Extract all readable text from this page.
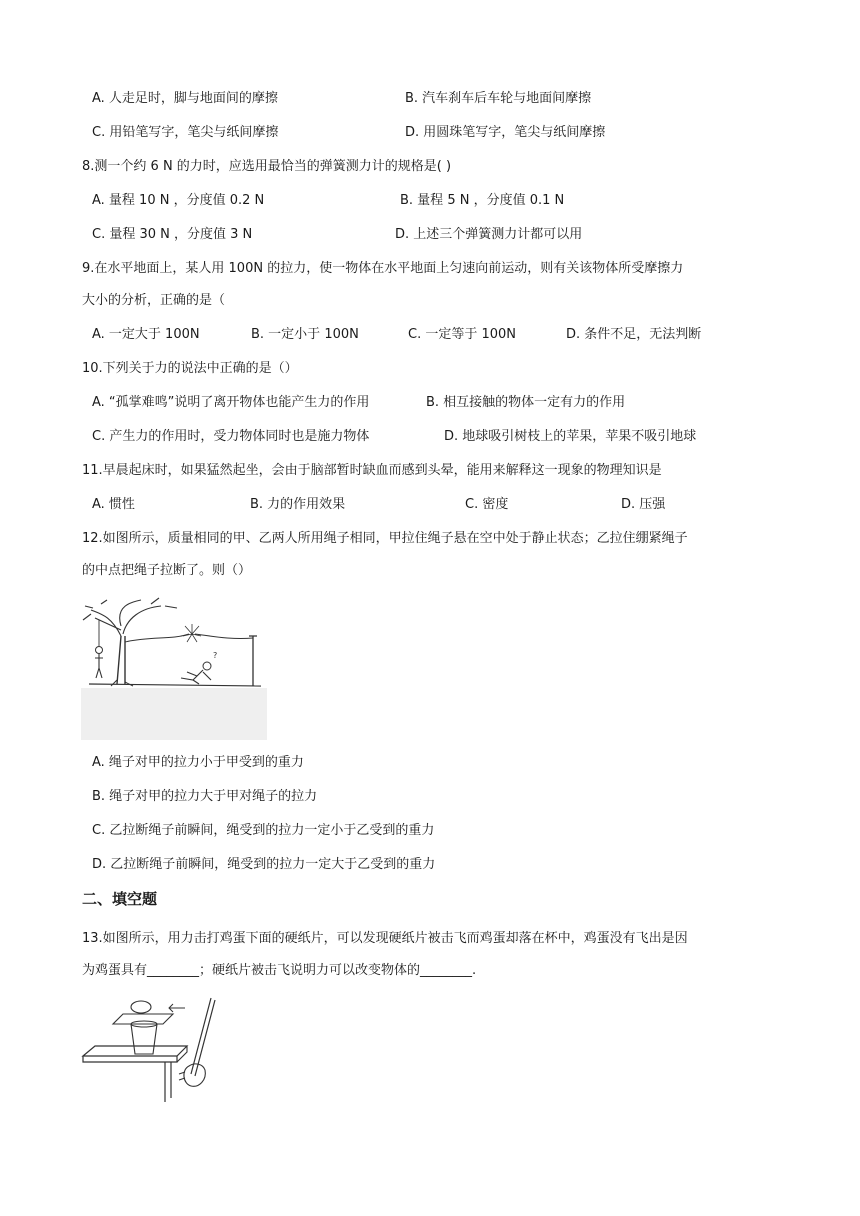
A. 人走足时，脚与地面间的摩擦	B. 汽车刹车后车轮与地面间摩擦
C. 用铅笔写字，笔尖与纸间摩擦	D. 用圆珠笔写字，笔尖与纸间摩擦
8.测一个约 6 N 的力时，应选用最恰当的弹簧测力计的规格是( )
A. 量程 10 N ，分度值 0.2 N	B. 量程 5 N ，分度值 0.1 N
C. 量程 30 N ，分度值 3 N	D. 上述三个弹簧测力计都可以用
9.在水平地面上，某人用 100N 的拉力，使一物体在水平地面上匀速向前运动，则有关该物体所受摩擦力
大小的分析，正确的是（
A. 一定大于 100N	B. 一定小于 100N	C. 一定等于 100N	D. 条件不足，无法判断
10.下列关于力的说法中正确的是（）
A. “孤掌难鸣”说明了离开物体也能产生力的作用	B. 相互接触的物体一定有力的作用
C. 产生力的作用时，受力物体同时也是施力物体	D. 地球吸引树枝上的苹果，苹果不吸引地球
11.早晨起床时，如果猛然起坐，会由于脑部暂时缺血而感到头晕，能用来解释这一现象的物理知识是
A. 惯性	B. 力的作用效果	C. 密度	D. 压强
12.如图所示，质量相同的甲、乙两人所用绳子相同，甲拉住绳子悬在空中处于静止状态；乙拉住绷紧绳子
的中点把绳子拉断了。则（）
?
A. 绳子对甲的拉力小于甲受到的重力
B. 绳子对甲的拉力大于甲对绳子的拉力
C. 乙拉断绳子前瞬间，绳受到的拉力一定小于乙受到的重力
D. 乙拉断绳子前瞬间，绳受到的拉力一定大于乙受到的重力
二、填空题
13.如图所示，用力击打鸡蛋下面的硬纸片，可以发现硬纸片被击飞而鸡蛋却落在杯中，鸡蛋没有飞出是因
为鸡蛋具有________；硬纸片被击飞说明力可以改变物体的________.
